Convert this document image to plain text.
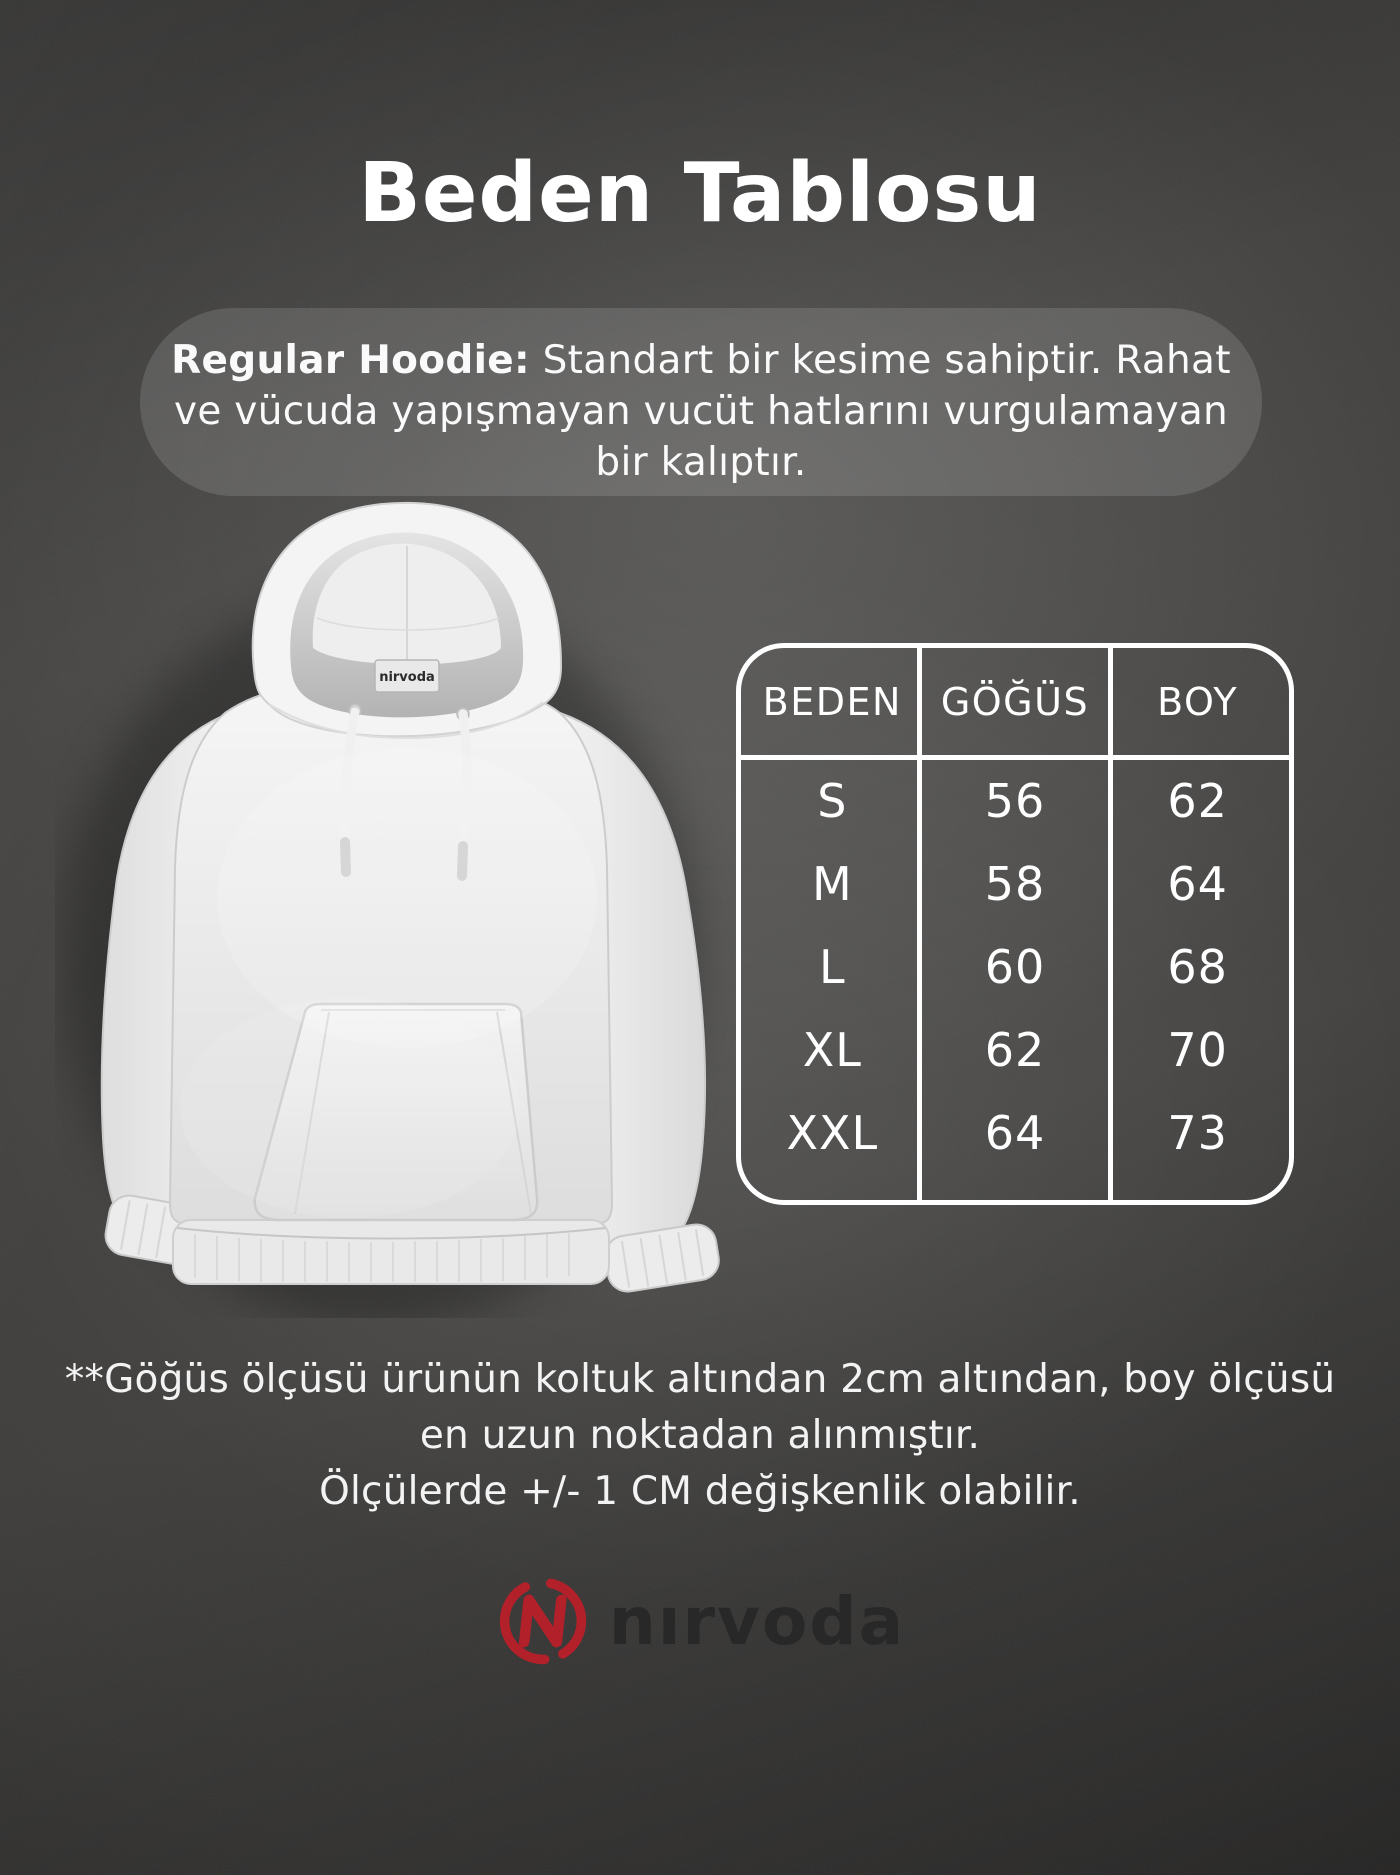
Beden Tablosu
Regular Hoodie: Standart bir kesime sahiptir. Rahat
ve vücuda yapışmayan vucüt hatlarını vurgulamayan
bir kalıptır.
nirvoda
BEDEN	GÖĞÜS	BOY
S	56	62
M	58	64
L	60	68
XL	62	70
XXL	64	73
**Göğüs ölçüsü ürünün koltuk altından 2cm altından, boy ölçüsü
en uzun noktadan alınmıştır.
Ölçülerde +/- 1 CM değişkenlik olabilir.
nırvoda
